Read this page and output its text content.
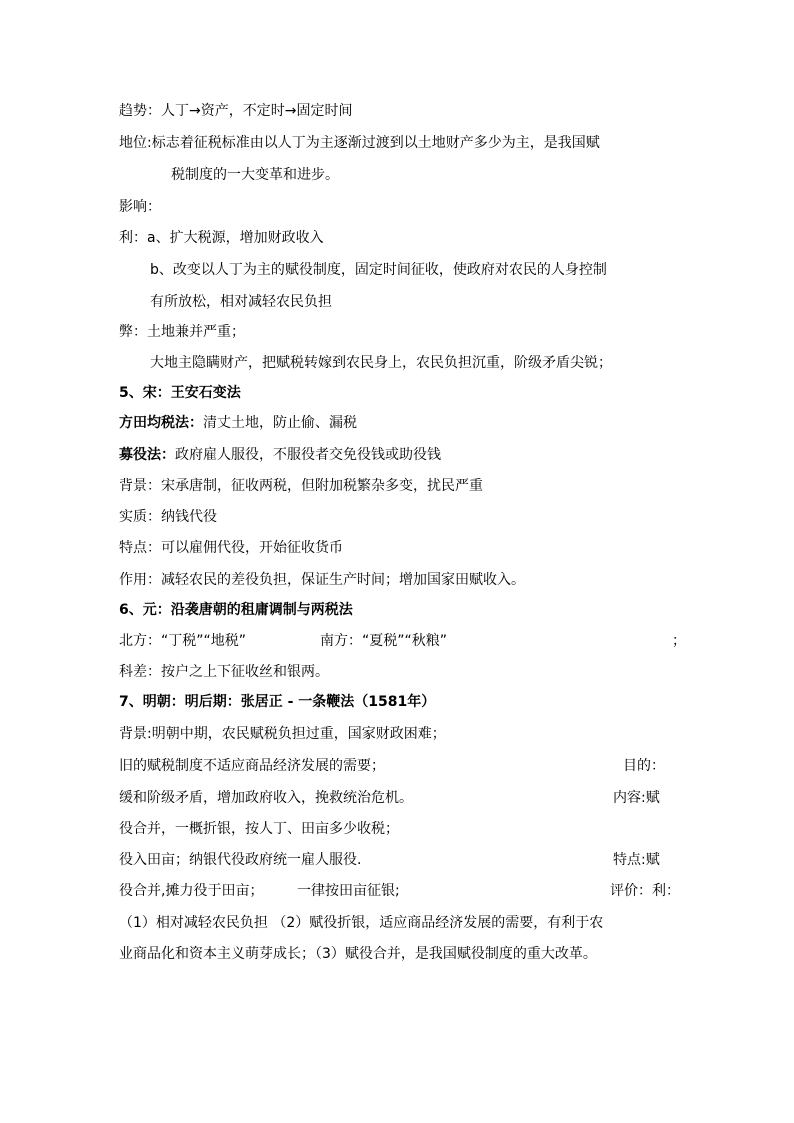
趋势：人丁→资产，不定时→固定时间
地位:标志着征税标准由以人丁为主逐渐过渡到以土地财产多少为主，是我国赋
税制度的一大变革和进步。
影响：
利：a、扩大税源，增加财政收入
b、改变以人丁为主的赋役制度，固定时间征收，使政府对农民的人身控制
有所放松，相对减轻农民负担
弊：土地兼并严重；
大地主隐瞒财产，把赋税转嫁到农民身上，农民负担沉重，阶级矛盾尖锐；
5、宋：王安石变法
方田均税法：清丈土地，防止偷、漏税
募役法：政府雇人服役，不服役者交免役钱或助役钱
背景：宋承唐制，征收两税，但附加税繁杂多变，扰民严重
实质：纳钱代役
特点：可以雇佣代役，开始征收货币
作用：减轻农民的差役负担，保证生产时间；增加国家田赋收入。
6、元：沿袭唐朝的租庸调制与两税法
北方：“丁税”“地税”	南方：“夏税”“秋粮”	；
科差：按户之上下征收丝和银两。
7、明朝：明后期：张居正 - 一条鞭法（1581年）
背景:明朝中期，农民赋税负担过重，国家财政困难；
旧的赋税制度不适应商品经济发展的需要；	目的：
缓和阶级矛盾，增加政府收入，挽救统治危机。	内容:赋
役合并，一概折银，按人丁、田亩多少收税；
役入田亩；纳银代役政府统一雇人服役.	特点:赋
役合并,摊力役于田亩； 一律按田亩征银;	评价：利：
（1）相对减轻农民负担 （2）赋役折银，适应商品经济发展的需要，有利于农
业商品化和资本主义萌芽成长；（3）赋役合并，是我国赋役制度的重大改革。
